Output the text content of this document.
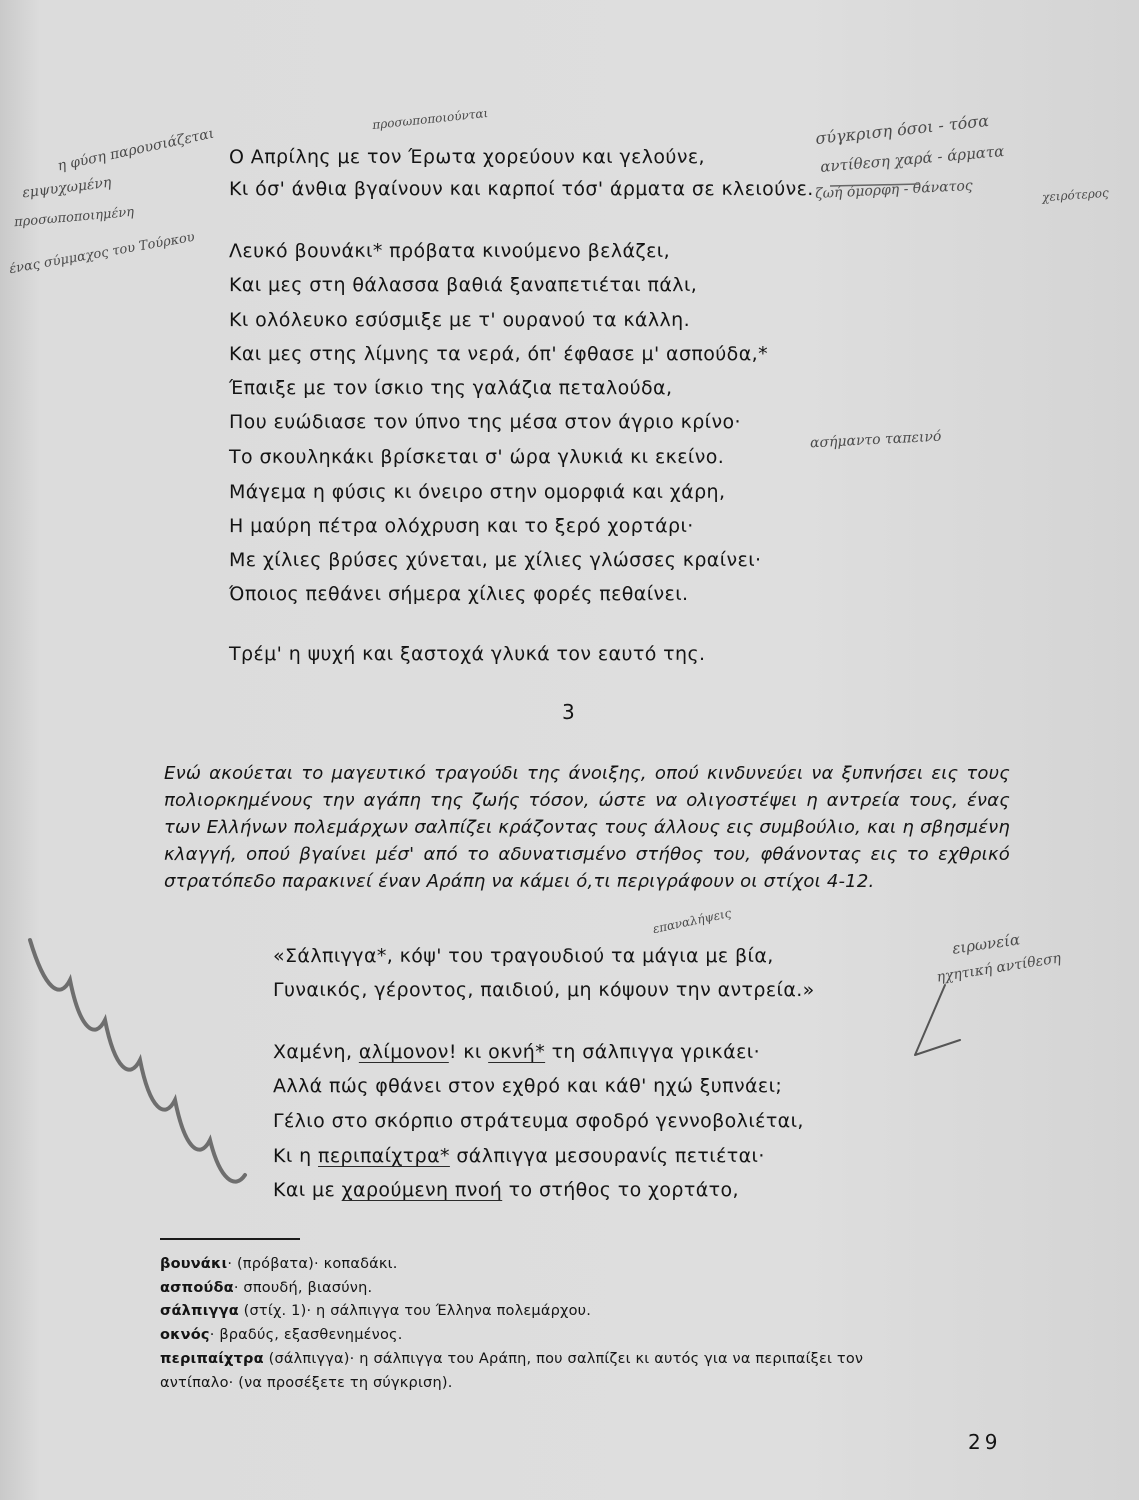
προσωποποιούνται
η φύση παρουσιάζεται
εμψυχωμένη
προσωποποιημένη
ένας σύμμαχος του Τούρκου
σύγκριση όσοι - τόσα
αντίθεση χαρά - άρματα
ζωή όμορφη - θάνατος	χειρότερος
ασήμαντο ταπεινό
επαναλήψεις
ειρωνεία
ηχητική αντίθεση
Ο Απρίλης με τον Έρωτα χορεύουν και γελούνε,
Κι όσ' άνθια βγαίνουν και καρποί τόσ' άρματα σε κλειούνε.
Λευκό βουνάκι* πρόβατα κινούμενο βελάζει,
Και μες στη θάλασσα βαθιά ξαναπετιέται πάλι,
Κι ολόλευκο εσύσμιξε με τ' ουρανού τα κάλλη.
Και μες στης λίμνης τα νερά, όπ' έφθασε μ' ασπούδα,*
Έπαιξε με τον ίσκιο της γαλάζια πεταλούδα,
Που ευώδιασε τον ύπνο της μέσα στον άγριο κρίνο·
Το σκουληκάκι βρίσκεται σ' ώρα γλυκιά κι εκείνο.
Μάγεμα η φύσις κι όνειρο στην ομορφιά και χάρη,
Η μαύρη πέτρα ολόχρυση και το ξερό χορτάρι·
Με χίλιες βρύσες χύνεται, με χίλιες γλώσσες κραίνει·
Όποιος πεθάνει σήμερα χίλιες φορές πεθαίνει.
Τρέμ' η ψυχή και ξαστοχά γλυκά τον εαυτό της.
3
Ενώ ακούεται το μαγευτικό τραγούδι της άνοιξης, οπού κινδυνεύει να ξυπνήσει εις τους πολιορκημένους την αγάπη της ζωής τόσον, ώστε να ολιγοστέψει η αντρεία τους, ένας των Ελλήνων πολεμάρχων σαλπίζει κράζοντας τους άλλους εις συμβούλιο, και η σβησμένη κλαγγή, οπού βγαίνει μέσ' από το αδυνατισμένο στήθος του, φθάνοντας εις το εχθρικό στρατόπεδο παρακινεί έναν Αράπη να κάμει ό,τι περιγράφουν οι στίχοι 4-12.
«Σάλπιγγα*, κόψ' του τραγουδιού τα μάγια με βία,
Γυναικός, γέροντος, παιδιού, μη κόψουν την αντρεία.»
Χαμένη, αλίμονον! κι οκνή* τη σάλπιγγα γρικάει·
Αλλά πώς φθάνει στον εχθρό και κάθ' ηχώ ξυπνάει;
Γέλιο στο σκόρπιο στράτευμα σφοδρό γεννοβολιέται,
Κι η περιπαίχτρα* σάλπιγγα μεσουρανίς πετιέται·
Και με χαρούμενη πνοή το στήθος το χορτάτο,
βουνάκι· (πρόβατα)· κοπαδάκι.
ασπούδα· σπουδή, βιασύνη.
σάλπιγγα (στίχ. 1)· η σάλπιγγα του Έλληνα πολεμάρχου.
οκνός· βραδύς, εξασθενημένος.
περιπαίχτρα (σάλπιγγα)· η σάλπιγγα του Αράπη, που σαλπίζει κι αυτός για να περιπαίξει τον
αντίπαλο· (να προσέξετε τη σύγκριση).
29
